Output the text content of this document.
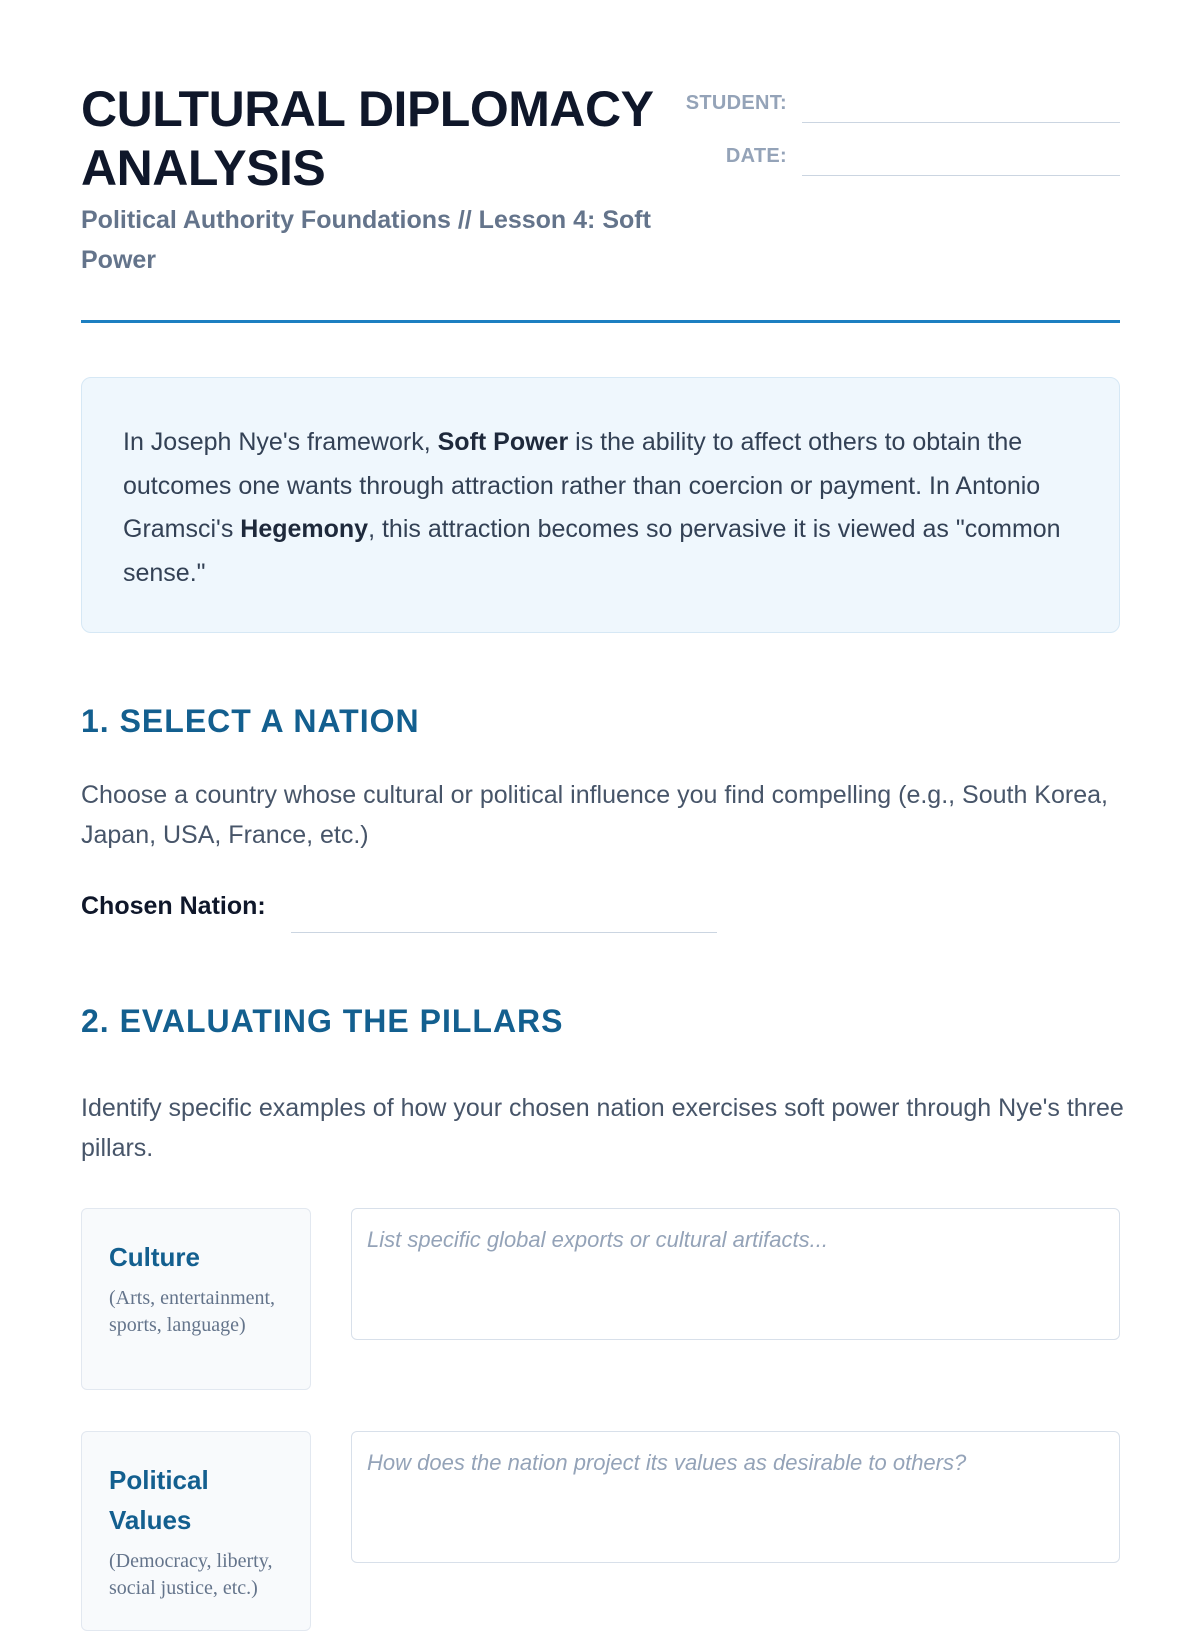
CULTURAL DIPLOMACY ANALYSIS
Political Authority Foundations // Lesson 4: Soft Power
STUDENT:
DATE:
In Joseph Nye's framework, Soft Power is the ability to affect others to obtain the outcomes one wants through attraction rather than coercion or payment. In Antonio Gramsci's Hegemony, this attraction becomes so pervasive it is viewed as "common sense."
1. SELECT A NATION

Choose a country whose cultural or political influence you find compelling (e.g., South Korea, Japan, USA, France, etc.)

Chosen Nation:
2. EVALUATING THE PILLARS

Identify specific examples of how your chosen nation exercises soft power through Nye's three pillars.

Culture
(Arts, entertainment, sports, language)
List specific global exports or cultural artifacts...
Political Values
(Democracy, liberty, social justice, etc.)
How does the nation project its values as desirable to others?
